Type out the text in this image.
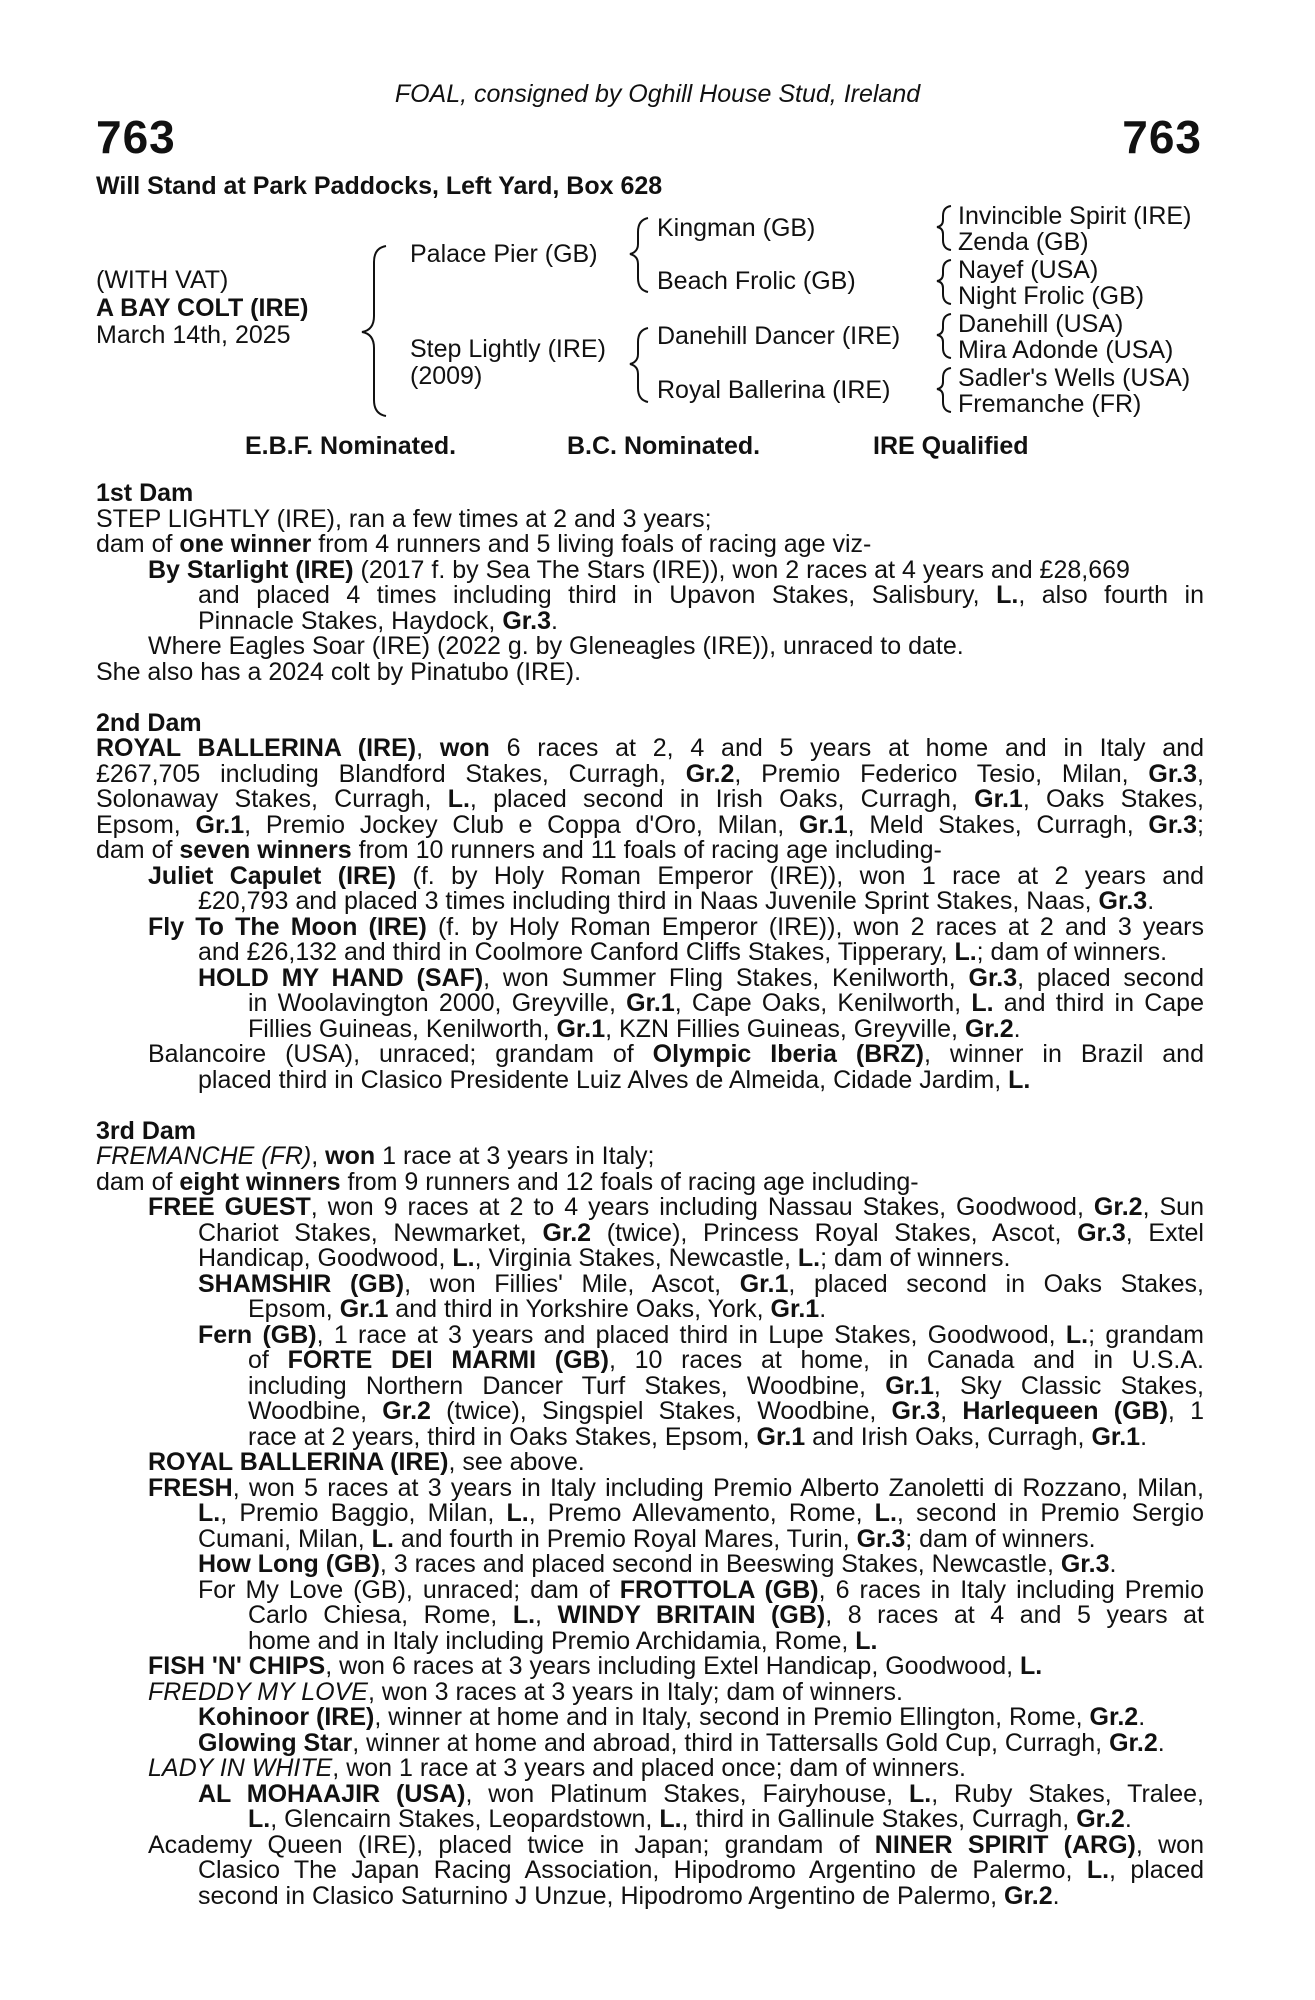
FOAL, consigned by Oghill House Stud, Ireland
763	763
Will Stand at Park Paddocks, Left Yard, Box 628
(WITH VAT)
A BAY COLT (IRE)
March 14th, 2025
Palace Pier (GB)
Step Lightly (IRE)
(2009)
Kingman (GB)
Beach Frolic (GB)
Danehill Dancer (IRE)
Royal Ballerina (IRE)
Invincible Spirit (IRE)
Zenda (GB)
Nayef (USA)
Night Frolic (GB)
Danehill (USA)
Mira Adonde (USA)
Sadler's Wells (USA)
Fremanche (FR)
E.B.F. Nominated.	B.C. Nominated.	IRE Qualified
1st Dam
STEP LIGHTLY (IRE), ran a few times at 2 and 3 years;
dam of one winner from 4 runners and 5 living foals of racing age viz-
By Starlight (IRE) (2017 f. by Sea The Stars (IRE)), won 2 races at 4 years and £28,669
and placed 4 times including third in Upavon Stakes, Salisbury, L., also fourth in
Pinnacle Stakes, Haydock, Gr.3.
Where Eagles Soar (IRE) (2022 g. by Gleneagles (IRE)), unraced to date.
She also has a 2024 colt by Pinatubo (IRE).
2nd Dam
ROYAL BALLERINA (IRE), won 6 races at 2, 4 and 5 years at home and in Italy and
£267,705 including Blandford Stakes, Curragh, Gr.2, Premio Federico Tesio, Milan, Gr.3,
Solonaway Stakes, Curragh, L., placed second in Irish Oaks, Curragh, Gr.1, Oaks Stakes,
Epsom, Gr.1, Premio Jockey Club e Coppa d'Oro, Milan, Gr.1, Meld Stakes, Curragh, Gr.3;
dam of seven winners from 10 runners and 11 foals of racing age including-
Juliet Capulet (IRE) (f. by Holy Roman Emperor (IRE)), won 1 race at 2 years and
£20,793 and placed 3 times including third in Naas Juvenile Sprint Stakes, Naas, Gr.3.
Fly To The Moon (IRE) (f. by Holy Roman Emperor (IRE)), won 2 races at 2 and 3 years
and £26,132 and third in Coolmore Canford Cliffs Stakes, Tipperary, L.; dam of winners.
HOLD MY HAND (SAF), won Summer Fling Stakes, Kenilworth, Gr.3, placed second
in Woolavington 2000, Greyville, Gr.1, Cape Oaks, Kenilworth, L. and third in Cape
Fillies Guineas, Kenilworth, Gr.1, KZN Fillies Guineas, Greyville, Gr.2.
Balancoire (USA), unraced; grandam of Olympic Iberia (BRZ), winner in Brazil and
placed third in Clasico Presidente Luiz Alves de Almeida, Cidade Jardim, L.
3rd Dam
FREMANCHE (FR), won 1 race at 3 years in Italy;
dam of eight winners from 9 runners and 12 foals of racing age including-
FREE GUEST, won 9 races at 2 to 4 years including Nassau Stakes, Goodwood, Gr.2, Sun
Chariot Stakes, Newmarket, Gr.2 (twice), Princess Royal Stakes, Ascot, Gr.3, Extel
Handicap, Goodwood, L., Virginia Stakes, Newcastle, L.; dam of winners.
SHAMSHIR (GB), won Fillies' Mile, Ascot, Gr.1, placed second in Oaks Stakes,
Epsom, Gr.1 and third in Yorkshire Oaks, York, Gr.1.
Fern (GB), 1 race at 3 years and placed third in Lupe Stakes, Goodwood, L.; grandam
of FORTE DEI MARMI (GB), 10 races at home, in Canada and in U.S.A.
including Northern Dancer Turf Stakes, Woodbine, Gr.1, Sky Classic Stakes,
Woodbine, Gr.2 (twice), Singspiel Stakes, Woodbine, Gr.3, Harlequeen (GB), 1
race at 2 years, third in Oaks Stakes, Epsom, Gr.1 and Irish Oaks, Curragh, Gr.1.
ROYAL BALLERINA (IRE), see above.
FRESH, won 5 races at 3 years in Italy including Premio Alberto Zanoletti di Rozzano, Milan,
L., Premio Baggio, Milan, L., Premo Allevamento, Rome, L., second in Premio Sergio
Cumani, Milan, L. and fourth in Premio Royal Mares, Turin, Gr.3; dam of winners.
How Long (GB), 3 races and placed second in Beeswing Stakes, Newcastle, Gr.3.
For My Love (GB), unraced; dam of FROTTOLA (GB), 6 races in Italy including Premio
Carlo Chiesa, Rome, L., WINDY BRITAIN (GB), 8 races at 4 and 5 years at
home and in Italy including Premio Archidamia, Rome, L.
FISH 'N' CHIPS, won 6 races at 3 years including Extel Handicap, Goodwood, L.
FREDDY MY LOVE, won 3 races at 3 years in Italy; dam of winners.
Kohinoor (IRE), winner at home and in Italy, second in Premio Ellington, Rome, Gr.2.
Glowing Star, winner at home and abroad, third in Tattersalls Gold Cup, Curragh, Gr.2.
LADY IN WHITE, won 1 race at 3 years and placed once; dam of winners.
AL MOHAAJIR (USA), won Platinum Stakes, Fairyhouse, L., Ruby Stakes, Tralee,
L., Glencairn Stakes, Leopardstown, L., third in Gallinule Stakes, Curragh, Gr.2.
Academy Queen (IRE), placed twice in Japan; grandam of NINER SPIRIT (ARG), won
Clasico The Japan Racing Association, Hipodromo Argentino de Palermo, L., placed
second in Clasico Saturnino J Unzue, Hipodromo Argentino de Palermo, Gr.2.
